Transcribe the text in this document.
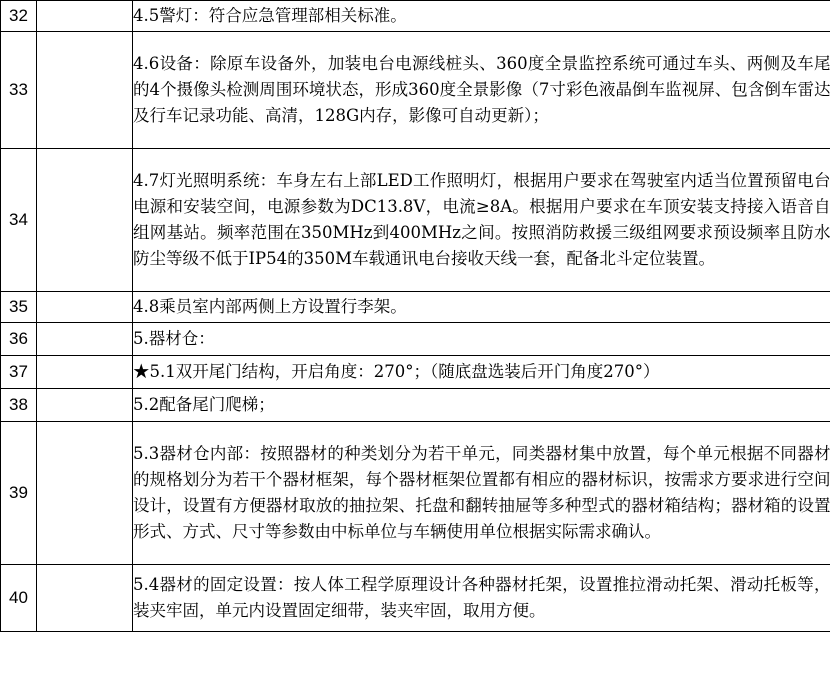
32		4.5警灯：符合应急管理部相关标准。
33		4.6设备：除原车设备外，加装电台电源线桩头、360度全景监控系统可通过车头、两侧及车尾的4个摄像头检测周围环境状态，形成360度全景影像（7寸彩色液晶倒车监视屏、包含倒车雷达及行车记录功能、高清，128G内存，影像可自动更新）；
34		4.7灯光照明系统：车身左右上部LED工作照明灯，根据用户要求在驾驶室内适当位置预留电台电源和安装空间，电源参数为DC13.8V，电流≥8A。根据用户要求在车顶安装支持接入语音自组网基站。频率范围在350MHz到400MHz之间。按照消防救援三级组网要求预设频率且防水防尘等级不低于IP54的350M车载通讯电台接收天线一套，配备北斗定位装置。
35		4.8乘员室内部两侧上方设置行李架。
36		5.器材仓：
37		★5.1双开尾门结构，开启角度：270°；（随底盘选装后开门角度270°）
38		5.2配备尾门爬梯；
39		5.3器材仓内部：按照器材的种类划分为若干单元，同类器材集中放置，每个单元根据不同器材的规格划分为若干个器材框架，每个器材框架位置都有相应的器材标识，按需求方要求进行空间设计，设置有方便器材取放的抽拉架、托盘和翻转抽屉等多种型式的器材箱结构；器材箱的设置形式、方式、尺寸等参数由中标单位与车辆使用单位根据实际需求确认。
40		5.4器材的固定设置：按人体工程学原理设计各种器材托架，设置推拉滑动托架、滑动托板等，装夹牢固，单元内设置固定细带，装夹牢固，取用方便。
